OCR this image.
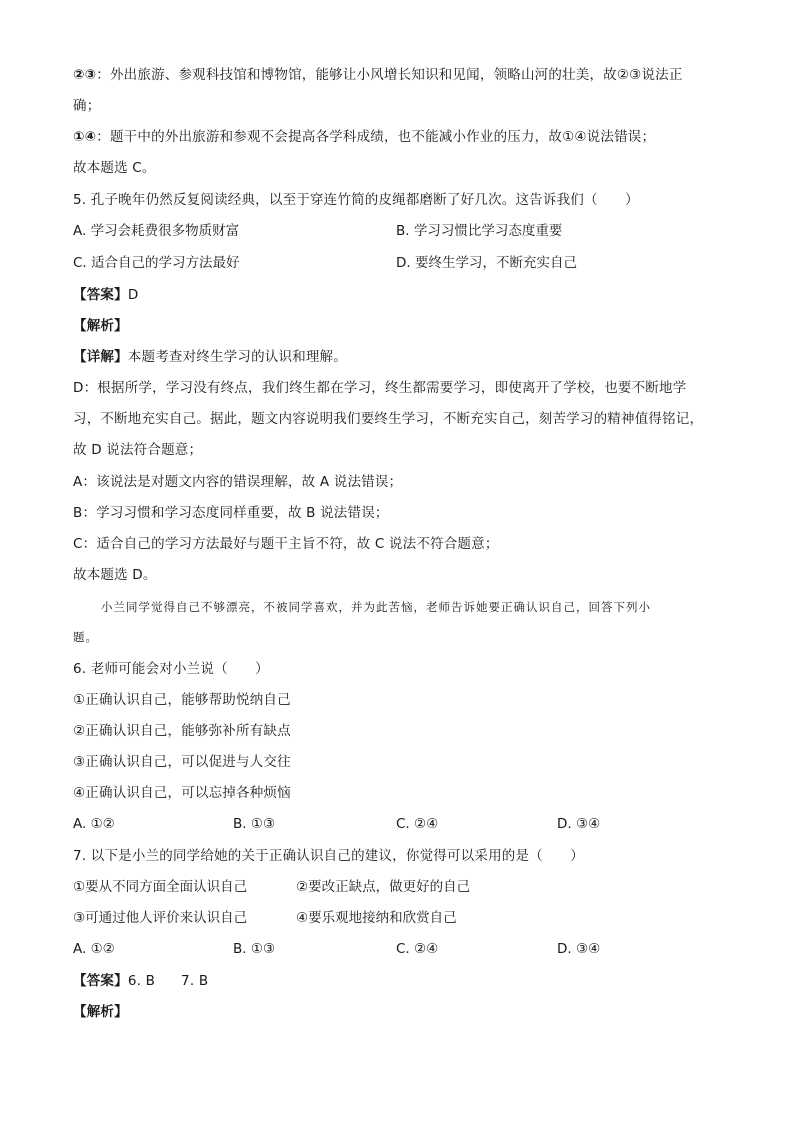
②③：外出旅游、参观科技馆和博物馆，能够让小风增长知识和见闻，领略山河的壮美，故②③说法正
确；
①④：题干中的外出旅游和参观不会提高各学科成绩，也不能减小作业的压力，故①④说法错误；
故本题选 C。
5. 孔子晚年仍然反复阅读经典，以至于穿连竹简的皮绳都磨断了好几次。这告诉我们（　　）
A. 学习会耗费很多物质财富	B. 学习习惯比学习态度重要
C. 适合自己的学习方法最好	D. 要终生学习，不断充实自己
【答案】D
【解析】
【详解】本题考查对终生学习的认识和理解。
D：根据所学，学习没有终点，我们终生都在学习，终生都需要学习，即使离开了学校，也要不断地学
习，不断地充实自己。据此，题文内容说明我们要终生学习，不断充实自己，刻苦学习的精神值得铭记，
故 D 说法符合题意；
A：该说法是对题文内容的错误理解，故 A 说法错误；
B：学习习惯和学习态度同样重要，故 B 说法错误；
C：适合自己的学习方法最好与题干主旨不符，故 C 说法不符合题意；
故本题选 D。
小兰同学觉得自己不够漂亮，不被同学喜欢，并为此苦恼，老师告诉她要正确认识自己，回答下列小
题。
6. 老师可能会对小兰说（　　）
①正确认识自己，能够帮助悦纳自己
②正确认识自己，能够弥补所有缺点
③正确认识自己，可以促进与人交往
④正确认识自己，可以忘掉各种烦恼
A. ①②	B. ①③	C. ②④	D. ③④
7. 以下是小兰的同学给她的关于正确认识自己的建议，你觉得可以采用的是（　　）
①要从不同方面全面认识自己	②要改正缺点，做更好的自己
③可通过他人评价来认识自己	④要乐观地接纳和欣赏自己
A. ①②	B. ①③	C. ②④	D. ③④
【答案】6. B 7. B
【解析】
